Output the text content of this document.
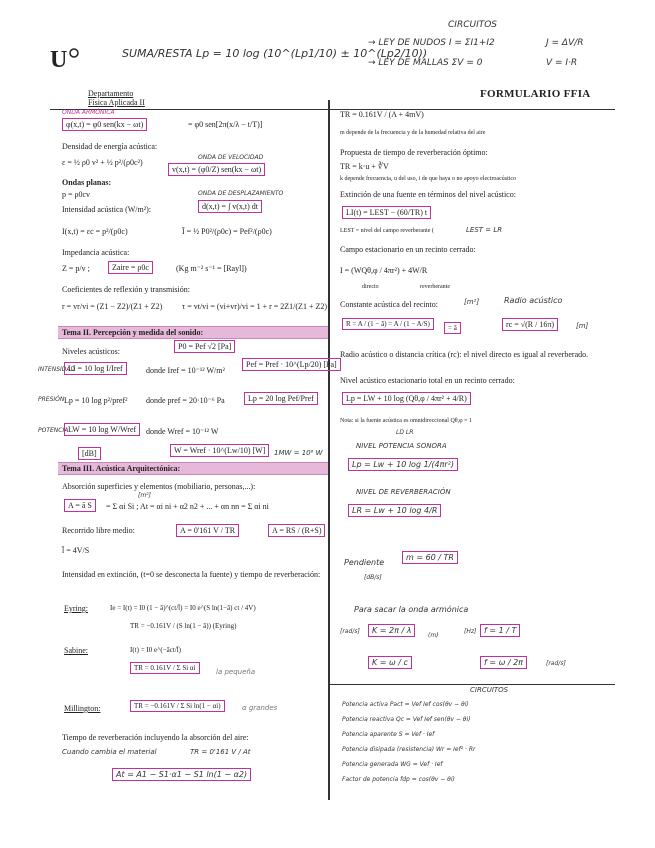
SUMA/RESTA Lp = 10 log (10^(Lp1/10) ± 10^(Lp2/10))
CIRCUITOS
→ LEY DE NUDOS I = ΣI1+I2
→ LEY DE MALLAS ΣV = 0
J = ΔV/R
V = I·R
U
Departamento
Física Aplicada II
FORMULARIO FFIA
ONDA ARMÓNICA
φ(x,t) = φ0 sen(kx − ωt)	= φ0 sen[2π(x/λ − t/T)]
Densidad de energía acústica:
ε = ½ ρ0 v² + ½ p²/(ρ0c²)
ONDA DE VELOCIDAD
v(x,t) = (φ0/Z) sen(kx − ωt)
Ondas planas:
p = ρ0cv	ONDA DE DESPLAZAMIENTO
Intensidad acústica (W/m²):	d(x,t) = ∫ v(x,t) dt
I(x,t) = εc = p²/(ρ0c)	Ī = ½ P0²/(ρ0c) = Pef²/(ρ0c)
Impedancia acústica:
Z = p/v ;	Zaire = ρ0c	(Kg m⁻² s⁻¹ = [Rayl])
Coeficientes de reflexión y transmisión:
r = vr/vi = (Z1 − Z2)/(Z1 + Z2) τ = vt/vi = (vi+vr)/vi = 1 + r = 2Z1/(Z1 + Z2)
Tema II. Percepción y medida del sonido:
Niveles acústicos:
P0 = Pef √2 [Pa]
Pef = Pref · 10^(Lp/20) [Pa]
INTENSIDAD
LI = 10 log I/Iref	donde Iref = 10⁻¹² W/m²
PRESIÓN Lp = 10 log p²/pref² donde pref = 20·10⁻⁶ Pa	Lp = 20 log Pef/Pref
POTENCIA LW = 10 log W/Wref	donde Wref = 10⁻¹² W
[dB]	W = Wref · 10^(Lw/10) [W]	1MW = 10⁶ W
Tema III. Acústica Arquitectónica:
Absorción superficies y elementos (mobiliario, personas,...):
[m²]
A = ā S	= Σ αi Si ; At = αi ni + α2 n2 + ... + αn nn = Σ αi ni
Recorrido libre medio:
l̄ = 4V/S
A = 0'161 V / TR	A = RS / (R+S)
Intensidad en extinción, (t=0 se desconecta la fuente) y tiempo de reverberación:
Eyring:	Ie = I(t) = I0 (1 − ā)^(ct/l̄) = I0 e^(S ln(1−ā) ct / 4V)
TR = −0.161V / (S ln(1 − ā)) (Eyring)
Sabine:	I(t) = I0 e^(−āct/l̄)
TR = 0.161V / Σ Si αi	la pequeña
Millington:	TR = −0.161V / Σ Si ln(1 − αi)	α grandes
Tiempo de reverberación incluyendo la absorción del aire:
Cuando cambia el material	TR = 0'161 V / At
At = A1 − S1·α1 − S1 ln(1 − α2)
TR = 0.161V / (A + 4mV)
m depende de la frecuencia y de la humedad relativa del aire
Propuesta de tiempo de reverberación óptimo:
TR = k·u + ∛V
k depende frecuencia, u del uso, i de que haya o no apoyo electroacústico
Extinción de una fuente en términos del nivel acústico:
LI(t) = LEST − (60/TR) t
LEST = nivel del campo reverberante (	LEST = LR
Campo estacionario en un recinto cerrado:
I = (WQθ,φ / 4πr²) + 4W/R
directo	reverberante
Constante acústica del recinto:	[m²]	Radio acústico
R = A / (1 − ā) = A / (1 − A/S)	= ā	rc = √(R / 16π)	[m]
Radio acústico o distancia crítica (rc): el nivel directo es igual al reverberado.
Nivel acústico estacionario total en un recinto cerrado:
Lp = LW + 10 log (Qθ,φ / 4πr² + 4/R)
Nota: si la fuente acústica es omnidireccional Qθ,φ = 1
LD LR
NIVEL POTENCIA SONORA
Lp = Lw + 10 log 1/(4πr²)
NIVEL DE REVERBERACIÓN
LR = Lw + 10 log 4/R
Pendiente
m = 60 / TR
[dB/s]
Para sacar la onda armónica
[rad/s]	K = 2π / λ
(m)
[Hz] f = 1 / T
K = ω / c	f = ω / 2π	[rad/s]
CIRCUITOS
Potencia activa Pact = Vef Ief cos(θv − θi)
Potencia reactiva Qc = Vef Ief sen(θv − θi)
Potencia aparente S = Vef · Ief
Potencia disipada (resistencia) Wr = Ief² · Rr
Potencia generada WG = Vef · Ief
Factor de potencia fdp = cos(θv − θi)
